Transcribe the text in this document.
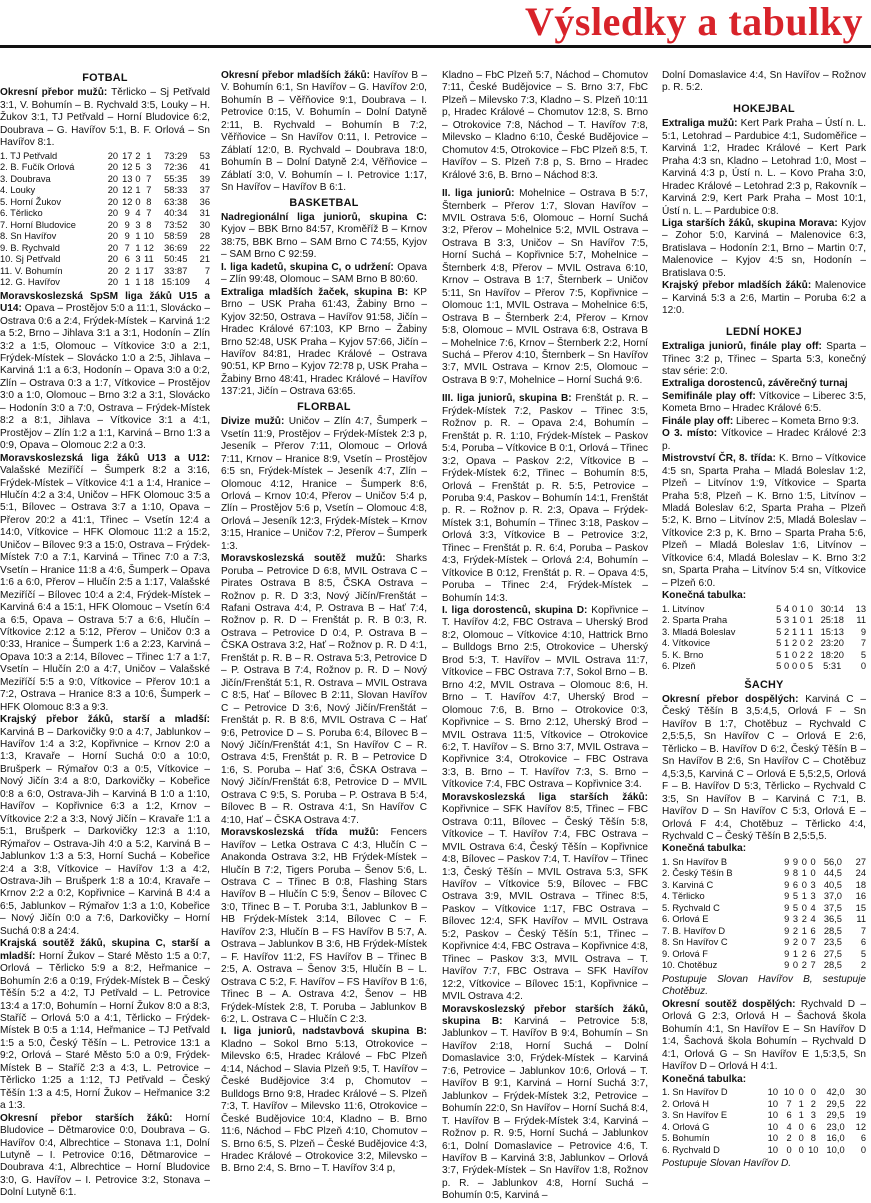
Výsledky a tabulky
FOTBAL

Okresní přebor mužů: Těrlicko – Sj Petřvald 3:1, V. Bohumín – B. Rychvald 3:5, Louky – H. Žukov 3:1, TJ Petřvald – Horní Bludovice 6:2, Doubrava – G. Havířov 5:1, B. F. Orlová – Sn Havířov 8:1.

1. TJ Petřvald	20	17	2	1	73:29	53
2. B. Fučík Orlová	20	12	5	3	72:36	41
3. Doubrava	20	13	0	7	55:35	39
4. Louky	20	12	1	7	58:33	37
5. Horní Žukov	20	12	0	8	63:38	36
6. Těrlicko	20	9	4	7	40:34	31
7. Horní Bludovice	20	9	3	8	73:52	30
8. Sn Havířov	20	9	1	10	58:59	28
9. B. Rychvald	20	7	1	12	36:69	22
10. Sj Petřvald	20	6	3	11	50:45	21
11. V. Bohumín	20	2	1	17	33:87	7
12. G. Havířov	20	1	1	18	15:109	4

Moravskoslezská SpSM liga žáků U15 a U14: Opava – Prostějov 5:0 a 11:1, Slovácko – Ostrava 0:6 a 2:4, Frýdek-Místek – Karviná 1:2 a 5:2, Brno – Jihlava 3:1 a 3:1, Hodonín – Zlín 3:2 a 1:5, Olomouc – Vítkovice 3:0 a 2:1, Frýdek-Místek – Slovácko 1:0 a 2:5, Jihlava – Karviná 1:1 a 6:3, Hodonín – Opava 3:0 a 0:2, Zlín – Ostrava 0:3 a 1:7, Vítkovice – Prostějov 3:0 a 1:0, Olomouc – Brno 3:2 a 3:1, Slovácko – Hodonín 3:0 a 7:0, Ostrava – Frýdek-Místek 8:2 a 8:1, Jihlava – Vítkovice 3:1 a 4:1, Prostějov – Zlín 1:2 a 1:1, Karviná – Brno 1:3 a 0:9, Opava – Olomouc 2:2 a 0:3.

Moravskoslezská liga žáků U13 a U12: Valašské Meziříčí – Šumperk 8:2 a 3:16, Frýdek-Místek – Vítkovice 4:1 a 1:4, Hranice – Hlučín 4:2 a 3:4, Uničov – HFK Olomouc 3:5 a 5:1, Bílovec – Ostrava 3:7 a 1:10, Opava – Přerov 20:2 a 41:1, Třinec – Vsetín 12:4 a 14:0, Vítkovice – HFK Olomouc 11:2 a 15:2, Uničov – Bílovec 9:3 a 15:0, Ostrava – Frýdek-Místek 7:0 a 7:1, Karviná – Třinec 7:0 a 7:3, Vsetín – Hranice 11:8 a 4:6, Šumperk – Opava 1:6 a 6:0, Přerov – Hlučín 2:5 a 1:17, Valašské Meziříčí – Bílovec 10:4 a 2:4, Frýdek-Místek – Karviná 6:4 a 15:1, HFK Olomouc – Vsetín 6:4 a 6:5, Opava – Ostrava 5:7 a 6:6, Hlučín – Vítkovice 2:12 a 5:12, Přerov – Uničov 0:3 a 0:33, Hranice – Šumperk 1:6 a 2:23, Karviná – Opava 10:3 a 2:14, Bílovec – Třinec 1:7 a 1:7, Vsetín – Hlučín 2:0 a 4:7, Uničov – Valašské Meziříčí 5:5 a 9:0, Vítkovice – Přerov 10:1 a 7:2, Ostrava – Hranice 8:3 a 10:6, Šumperk – HFK Olomouc 8:3 a 9:3.

Krajský přebor žáků, starší a mladší: Karviná B – Darkovičky 9:0 a 4:7, Jablunkov – Havířov 1:4 a 3:2, Kopřivnice – Krnov 2:0 a 1:3, Kravaře – Horní Suchá 0:0 a 10:0, Brušperk – Rýmařov 0:3 a 0:5, Vítkovice – Nový Jičín 3:4 a 8:0, Darkovičky – Kobeřice 0:8 a 6:0, Ostrava-Jih – Karviná B 1:0 a 1:10, Havířov – Kopřivnice 6:3 a 1:2, Krnov – Vítkovice 2:2 a 3:3, Nový Jičín – Kravaře 1:1 a 5:1, Brušperk – Darkovičky 12:3 a 1:10, Rýmařov – Ostrava-Jih 4:0 a 5:2, Karviná B – Jablunkov 1:3 a 5:3, Horní Suchá – Kobeřice 2:4 a 3:8, Vítkovice – Havířov 1:3 a 4:2, Ostrava-Jih – Brušperk 1:8 a 10:4, Kravaře – Krnov 2:2 a 0:2, Kopřivnice – Karviná B 4:4 a 6:5, Jablunkov – Rýmařov 1:3 a 1:0, Kobeřice – Nový Jičín 0:0 a 7:6, Darkovičky – Horní Suchá 0:8 a 24:4.

Krajská soutěž žáků, skupina C, starší a mladší: Horní Žukov – Staré Město 1:5 a 0:7, Orlová – Těrlicko 5:9 a 8:2, Heřmanice – Bohumín 2:6 a 0:19, Frýdek-Místek B – Český Těšín 5:2 a 4:2, TJ Petřvald – L. Petrovice 13:4 a 17:0, Bohumín – Horní Žukov 8:0 a 8:3, Staříč – Orlová 5:0 a 4:1, Těrlicko – Frýdek-Místek B 0:5 a 1:14, Heřmanice – TJ Petřvald 1:5 a 5:0, Český Těšín – L. Petrovice 13:1 a 9:2, Orlová – Staré Město 5:0 a 0:9, Frýdek-Místek B – Staříč 2:3 a 4:3, L. Petrovice – Těrlicko 1:25 a 1:12, TJ Petřvald – Český Těšín 1:3 a 4:5, Horní Žukov – Heřmanice 3:2 a 1:3.

Okresní přebor starších žáků: Horní Bludovice – Dětmarovice 0:0, Doubrava – G. Havířov 0:4, Albrechtice – Stonava 1:1, Dolní Lutyně – I. Petrovice 0:16, Dětmarovice – Doubrava 4:1, Albrechtice – Horní Bludovice 3:0, G. Havířov – I. Petrovice 3:2, Stonava – Dolní Lutyně 6:1.

Okresní přebor mladších žáků: Havířov B – V. Bohumín 6:1, Sn Havířov – G. Havířov 2:0, Bohumín B – Věřňovice 9:1, Doubrava – I. Petrovice 0:15, V. Bohumín – Dolní Datyně 2:11, B. Rychvald – Bohumín B 7:2, Věřňovice – Sn Havířov 0:11, I. Petrovice – Záblatí 12:0, B. Rychvald – Doubrava 18:0, Bohumín B – Dolní Datyně 2:4, Věřňovice – Záblatí 3:0, V. Bohumín – I. Petrovice 1:17, Sn Havířov – Havířov B 6:1.

BASKETBAL

Nadregionální liga juniorů, skupina C: Kyjov – BBK Brno 84:57, Kroměříž B – Krnov 38:75, BBK Brno – SAM Brno C 74:55, Kyjov – SAM Brno C 92:59.

I. liga kadetů, skupina C, o udržení: Opava – Zlín 99:48, Olomouc – SAM Brno B 80:60.

Extraliga mladších žaček, skupina B: KP Brno – USK Praha 61:43, Žabiny Brno – Kyjov 32:50, Ostrava – Havířov 91:58, Jičín – Hradec Králové 67:103, KP Brno – Žabiny Brno 52:48, USK Praha – Kyjov 57:66, Jičín – Havířov 84:81, Hradec Králové – Ostrava 90:51, KP Brno – Kyjov 72:78 p, USK Praha – Žabiny Brno 48:41, Hradec Králové – Havířov 137:21, Jičín – Ostrava 63:65.

FLORBAL

Divize mužů: Uničov – Zlín 4:7, Šumperk – Vsetín 11:9, Prostějov – Frýdek-Místek 2:3 p, Jeseník – Přerov 7:11, Olomouc – Orlová 7:11, Krnov – Hranice 8:9, Vsetín – Prostějov 6:5 sn, Frýdek-Místek – Jeseník 4:7, Zlín – Olomouc 4:12, Hranice – Šumperk 8:6, Orlová – Krnov 10:4, Přerov – Uničov 5:4 p, Zlín – Prostějov 5:6 p, Vsetín – Olomouc 4:8, Orlová – Jeseník 12:3, Frýdek-Místek – Krnov 3:15, Hranice – Uničov 7:2, Přerov – Šumperk 1:3.

Moravskoslezská soutěž mužů: Sharks Poruba – Petrovice D 6:8, MVIL Ostrava C – Pirates Ostrava B 8:5, ČSKA Ostrava – Rožnov p. R. D 3:3, Nový Jičín/Frenštát – Rafani Ostrava 4:4, P. Ostrava B – Hať 7:4, Rožnov p. R. D – Frenštát p. R. B 0:3, R. Ostrava – Petrovice D 0:4, P. Ostrava B – ČSKA Ostrava 3:2, Hať – Rožnov p. R. D 4:1, Frenštát p. R. B – R. Ostrava 5:3, Petrovice D – P. Ostrava B 7:4, Rožnov p. R. D – Nový Jičín/Frenštát 5:1, R. Ostrava – MVIL Ostrava C 8:5, Hať – Bílovec B 2:11, Slovan Havířov C – Petrovice D 3:6, Nový Jičín/Frenštát – Frenštát p. R. B 8:6, MVIL Ostrava C – Hať 9:6, Petrovice D – S. Poruba 6:4, Bílovec B – Nový Jičín/Frenštát 4:1, Sn Havířov C – R. Ostrava 4:5, Frenštát p. R. B – Petrovice D 1:6, S. Poruba – Hať 3:6, ČSKA Ostrava – Nový Jičín/Frenštát 6:8, Petrovice D – MVIL Ostrava C 9:5, S. Poruba – P. Ostrava B 5:4, Bílovec B – R. Ostrava 4:1, Sn Havířov C 4:10, Hať – ČSKA Ostrava 4:7.

Moravskoslezská třída mužů: Fencers Havířov – Letka Ostrava C 4:3, Hlučín C – Anakonda Ostrava 3:2, HB Frýdek-Místek – Hlučín B 7:2, Tigers Poruba – Šenov 5:6, L. Ostrava C – Třinec B 0:8, Flashing Stars Havířov B – Hlučín C 5:9, Šenov – Bílovec C 3:0, Třinec B – T. Poruba 3:1, Jablunkov B – HB Frýdek-Místek 3:14, Bílovec C – F. Havířov 2:3, Hlučín B – FS Havířov B 5:7, A. Ostrava – Jablunkov B 3:6, HB Frýdek-Místek – F. Havířov 11:2, FS Havířov B – Třinec B 2:5, A. Ostrava – Šenov 3:5, Hlučín B – L. Ostrava C 5:2, F. Havířov – FS Havířov B 1:6, Třinec B – A. Ostrava 4:2, Šenov – HB Frýdek-Místek 2:8, T. Poruba – Jablunkov B 6:2, L. Ostrava C – Hlučín C 2:3.

I. liga juniorů, nadstavbová skupina B: Kladno – Sokol Brno 5:13, Otrokovice – Milevsko 6:5, Hradec Králové – FbC Plzeň 4:14, Náchod – Slavia Plzeň 9:5, T. Havířov – České Budějovice 3:4 p, Chomutov – Bulldogs Brno 9:8, Hradec Králové – S. Plzeň 7:3, T. Havířov – Milevsko 11:6, Otrokovice – České Budějovice 10:4, Kladno – B. Brno 11:6, Náchod – FbC Plzeň 4:10, Chomutov – S. Brno 6:5, S. Plzeň – České Budějovice 4:3, Hradec Králové – Otrokovice 3:2, Milevsko – B. Brno 2:4, S. Brno – T. Havířov 3:4 p,

Kladno – FbC Plzeň 5:7, Náchod – Chomutov 7:11, České Budějovice – S. Brno 3:7, FbC Plzeň – Milevsko 7:3, Kladno – S. Plzeň 10:11 p, Hradec Králové – Chomutov 12:8, S. Brno – Otrokovice 7:8, Náchod – T. Havířov 7:8, Milevsko – Kladno 6:10, České Budějovice – Chomutov 4:5, Otrokovice – FbC Plzeň 8:5, T. Havířov – S. Plzeň 7:8 p, S. Brno – Hradec Králové 3:6, B. Brno – Náchod 8:3.

II. liga juniorů: Mohelnice – Ostrava B 5:7, Šternberk – Přerov 1:7, Slovan Havířov – MVIL Ostrava 5:6, Olomouc – Horní Suchá 3:2, Přerov – Mohelnice 5:2, MVIL Ostrava – Ostrava B 3:3, Uničov – Sn Havířov 7:5, Horní Suchá – Kopřivnice 5:7, Mohelnice – Šternberk 4:8, Přerov – MVIL Ostrava 6:10, Krnov – Ostrava B 1:7, Šternberk – Uničov 5:11, Sn Havířov – Přerov 7:5, Kopřivnice – Olomouc 1:1, MVIL Ostrava – Mohelnice 6:5, Ostrava B – Šternberk 2:4, Přerov – Krnov 5:8, Olomouc – MVIL Ostrava 6:8, Ostrava B – Mohelnice 7:6, Krnov – Šternberk 2:2, Horní Suchá – Přerov 4:10, Šternberk – Sn Havířov 3:7, MVIL Ostrava – Krnov 2:5, Olomouc – Ostrava B 9:7, Mohelnice – Horní Suchá 9:6.

III. liga juniorů, skupina B: Frenštát p. R. – Frýdek-Místek 7:2, Paskov – Třinec 3:5, Rožnov p. R. – Opava 2:4, Bohumín – Frenštát p. R. 1:10, Frýdek-Místek – Paskov 5:4, Poruba – Vítkovice B 0:1, Orlová – Třinec 3:2, Opava – Paskov 2:2, Vítkovice B – Frýdek-Místek 6:2, Třinec – Bohumín 8:5, Orlová – Frenštát p. R. 5:5, Petrovice – Poruba 9:4, Paskov – Bohumín 14:1, Frenštát p. R. – Rožnov p. R. 2:3, Opava – Frýdek-Místek 3:1, Bohumín – Třinec 3:18, Paskov – Orlová 3:3, Vítkovice B – Petrovice 3:2, Třinec – Frenštát p. R. 6:4, Poruba – Paskov 4:3, Frýdek-Místek – Orlová 2:4, Bohumín – Vítkovice B 0:12, Frenštát p. R. – Opava 4:5, Poruba – Třinec 2:4, Frýdek-Místek – Bohumín 14:3.

I. liga dorostenců, skupina D: Kopřivnice – T. Havířov 4:2, FBC Ostrava – Uherský Brod 8:2, Olomouc – Vítkovice 4:10, Hattrick Brno – Bulldogs Brno 2:5, Otrokovice – Uherský Brod 5:3, T. Havířov – MVIL Ostrava 11:7, Vítkovice – FBC Ostrava 7:7, Sokol Brno – B. Brno 4:2, MVIL Ostrava – Olomouc 8:6, H. Brno – T. Havířov 4:7, Uherský Brod – Olomouc 7:6, B. Brno – Otrokovice 0:3, Kopřivnice – S. Brno 2:12, Uherský Brod – MVIL Ostrava 11:5, Vítkovice – Otrokovice 6:2, T. Havířov – S. Brno 3:7, MVIL Ostrava – Kopřivnice 3:4, Otrokovice – FBC Ostrava 3:3, B. Brno – T. Havířov 7:3, S. Brno – Vítkovice 7:4, FBC Ostrava – Kopřivnice 3:4.

Moravskoslezská liga starších žáků: Kopřivnice – SFK Havířov 8:5, Třinec – FBC Ostrava 0:11, Bílovec – Český Těšín 5:8, Vítkovice – T. Havířov 7:4, FBC Ostrava – MVIL Ostrava 6:4, Český Těšín – Kopřivnice 4:8, Bílovec – Paskov 7:4, T. Havířov – Třinec 1:3, Český Těšín – MVIL Ostrava 5:3, SFK Havířov – Vítkovice 5:9, Bílovec – FBC Ostrava 3:9, MVIL Ostrava – Třinec 8:5, Paskov – Vítkovice 1:17, FBC Ostrava – Bílovec 12:4, SFK Havířov – MVIL Ostrava 5:2, Paskov – Český Těšín 5:1, Třinec – Kopřivnice 4:4, FBC Ostrava – Kopřivnice 4:8, Třinec – Paskov 3:3, MVIL Ostrava – T. Havířov 7:7, FBC Ostrava – SFK Havířov 12:2, Vítkovice – Bílovec 15:1, Kopřivnice – MVIL Ostrava 4:2.

Moravskoslezský přebor starších žáků, skupina B: Karviná – Petrovice 5:8, Jablunkov – T. Havířov B 9:4, Bohumín – Sn Havířov 2:18, Horní Suchá – Dolní Domaslavice 3:0, Frýdek-Místek – Karviná 7:6, Petrovice – Jablunkov 10:6, Orlová – T. Havířov B 9:1, Karviná – Horní Suchá 3:7, Jablunkov – Frýdek-Místek 3:2, Petrovice – Bohumín 22:0, Sn Havířov – Horní Suchá 8:4, T. Havířov B – Frýdek-Místek 3:4, Karviná – Rožnov p. R. 9:5, Horní Suchá – Jablunkov 6:1, Dolní Domaslavice – Petrovice 4:6, T. Havířov B – Karviná 3:8, Jablunkov – Orlová 3:7, Frýdek-Místek – Sn Havířov 1:8, Rožnov p. R. – Jablunkov 4:8, Horní Suchá – Bohumín 0:5, Karviná –

Dolní Domaslavice 4:4, Sn Havířov – Rožnov p. R. 5:2.

HOKEJBAL

Extraliga mužů: Kert Park Praha – Ústí n. L. 5:1, Letohrad – Pardubice 4:1, Sudoměřice – Karviná 1:2, Hradec Králové – Kert Park Praha 4:3 sn, Kladno – Letohrad 1:0, Most – Karviná 4:3 p, Ústí n. L. – Kovo Praha 3:0, Hradec Králové – Letohrad 2:3 p, Rakovník – Karviná 2:9, Kert Park Praha – Most 10:1, Ústí n. L. – Pardubice 0:8.

Liga starších žáků, skupina Morava: Kyjov – Zohor 5:0, Karviná – Malenovice 6:3, Bratislava – Hodonín 2:1, Brno – Martin 0:7, Malenovice – Kyjov 4:5 sn, Hodonín – Bratislava 0:5.

Krajský přebor mladších žáků: Malenovice – Karviná 5:3 a 2:6, Martin – Poruba 6:2 a 12:0.

LEDNÍ HOKEJ

Extraliga juniorů, finále play off: Sparta – Třinec 3:2 p, Třinec – Sparta 5:3, konečný stav série: 2:0.

Extraliga dorostenců, závěrečný turnaj

Semifinále play off: Vítkovice – Liberec 3:5, Kometa Brno – Hradec Králové 6:5.

Finále play off: Liberec – Kometa Brno 9:3.

O 3. místo: Vítkovice – Hradec Králové 2:3 p.

Mistrovství ČR, 8. třída: K. Brno – Vítkovice 4:5 sn, Sparta Praha – Mladá Boleslav 1:2, Plzeň – Litvínov 1:9, Vítkovice – Sparta Praha 5:8, Plzeň – K. Brno 1:5, Litvínov – Mladá Boleslav 6:2, Sparta Praha – Plzeň 5:2, K. Brno – Litvínov 2:5, Mladá Boleslav – Vítkovice 2:3 p, K. Brno – Sparta Praha 5:6, Plzeň – Mladá Boleslav 1:6, Litvínov – Vítkovice 6:4, Mladá Boleslav – K. Brno 3:2 sn, Sparta Praha – Litvínov 5:4 sn, Vítkovice – Plzeň 6:0.

Konečná tabulka:

1. Litvínov	5	4	0	1	0	30:14	13
2. Sparta Praha	5	3	1	0	1	25:18	11
3. Mladá Boleslav	5	2	1	1	1	15:13	9
4. Vítkovice	5	1	2	0	2	23:20	7
5. K. Brno	5	1	0	2	2	18:20	5
6. Plzeň	5	0	0	0	5	5:31	0
ŠACHY

Okresní přebor dospělých: Karviná C – Český Těšín B 3,5:4,5, Orlová F – Sn Havířov B 1:7, Chotěbuz – Rychvald C 2,5:5,5, Sn Havířov C – Orlová E 2:6, Těrlicko – B. Havířov D 6:2, Český Těšín B – Sn Havířov B 2:6, Sn Havířov C – Chotěbuz 4,5:3,5, Karviná C – Orlová E 5,5:2,5, Orlová F – B. Havířov D 5:3, Těrlicko – Rychvald C 3:5, Sn Havířov B – Karviná C 7:1, B. Havířov D – Sn Havířov C 5:3, Orlová E – Orlová F 4:4, Chotěbuz – Těrlicko 4:4, Rychvald C – Český Těšín B 2,5:5,5.

Konečná tabulka:

1. Sn Havířov B	9	9	0	0	56,0	27
2. Český Těšín B	9	8	1	0	44,5	24
3. Karviná C	9	6	0	3	40,5	18
4. Těrlicko	9	5	1	3	37,0	16
5. Rychvald C	9	5	0	4	37,5	15
6. Orlová E	9	3	2	4	36,5	11
7. B. Havířov D	9	2	1	6	28,5	7
8. Sn Havířov C	9	2	0	7	23,5	6
9. Orlová F	9	1	2	6	27,5	5
10. Chotěbuz	9	0	2	7	28,5	2

Postupuje Slovan Havířov B, sestupuje Chotěbuz.

Okresní soutěž dospělých: Rychvald D – Orlová G 2:3, Orlová H – Šachová škola Bohumín 4:1, Sn Havířov E – Sn Havířov D 1:4, Šachová škola Bohumín – Rychvald D 4:1, Orlová G – Sn Havířov E 1,5:3,5, Sn Havířov D – Orlová H 4:1.

Konečná tabulka:

1. Sn Havířov D	10	10	0	0	42,0	30
2. Orlová H	10	7	1	2	29,5	22
3. Sn Havířov E	10	6	1	3	29,5	19
4. Orlová G	10	4	0	6	23,0	12
5. Bohumín	10	2	0	8	16,0	6
6. Rychvald D	10	0	0	10	10,0	0

Postupuje Slovan Havířov D.
